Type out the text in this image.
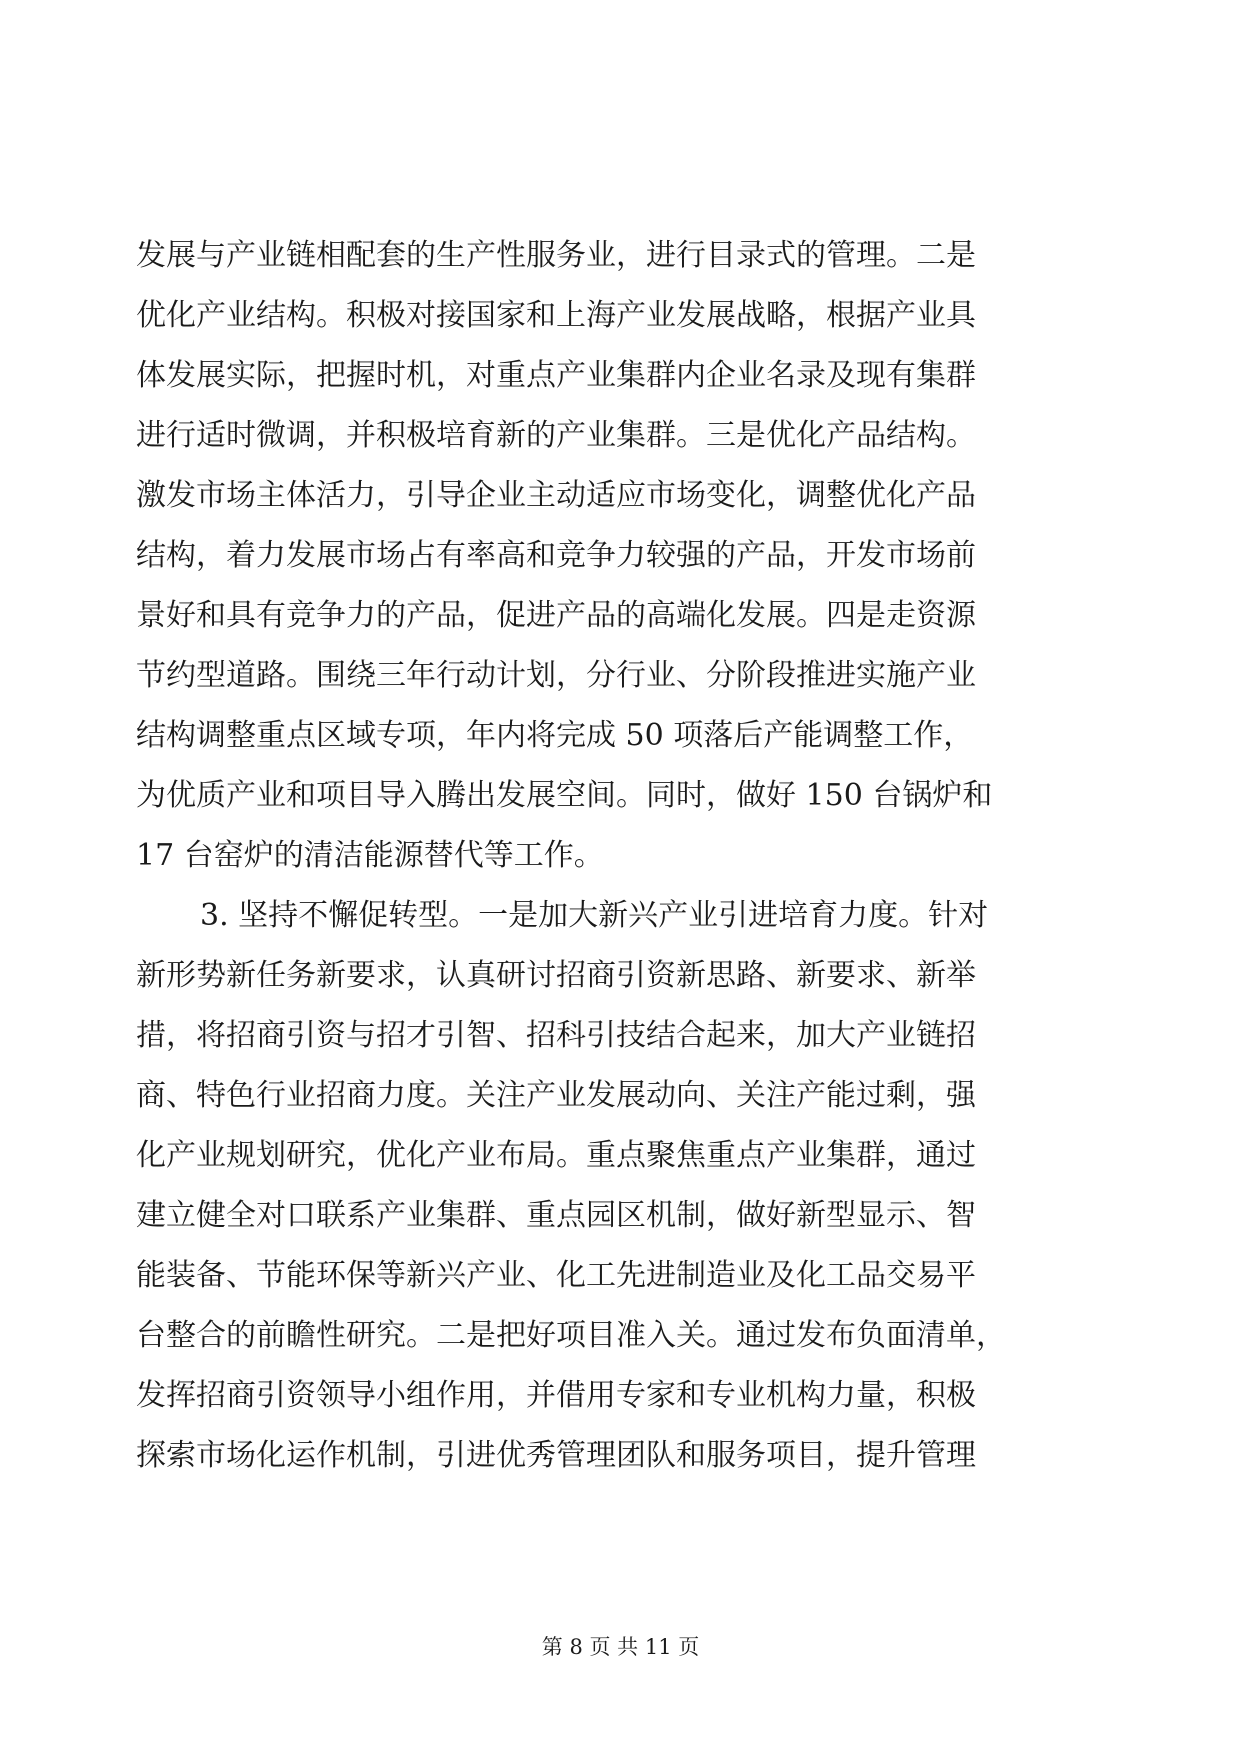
发展与产业链相配套的生产性服务业，进行目录式的管理。二是
优化产业结构。积极对接国家和上海产业发展战略，根据产业具
体发展实际，把握时机，对重点产业集群内企业名录及现有集群
进行适时微调，并积极培育新的产业集群。三是优化产品结构。
激发市场主体活力，引导企业主动适应市场变化，调整优化产品
结构，着力发展市场占有率高和竞争力较强的产品，开发市场前
景好和具有竞争力的产品，促进产品的高端化发展。四是走资源
节约型道路。围绕三年行动计划，分行业、分阶段推进实施产业
结构调整重点区域专项，年内将完成 50 项落后产能调整工作，
为优质产业和项目导入腾出发展空间。同时，做好 150 台锅炉和
17 台窑炉的清洁能源替代等工作。
3. 坚持不懈促转型。一是加大新兴产业引进培育力度。针对
新形势新任务新要求，认真研讨招商引资新思路、新要求、新举
措，将招商引资与招才引智、招科引技结合起来，加大产业链招
商、特色行业招商力度。关注产业发展动向、关注产能过剩，强
化产业规划研究，优化产业布局。重点聚焦重点产业集群，通过
建立健全对口联系产业集群、重点园区机制，做好新型显示、智
能装备、节能环保等新兴产业、化工先进制造业及化工品交易平
台整合的前瞻性研究。二是把好项目准入关。通过发布负面清单，
发挥招商引资领导小组作用，并借用专家和专业机构力量，积极
探索市场化运作机制，引进优秀管理团队和服务项目，提升管理
第 8 页 共 11 页
